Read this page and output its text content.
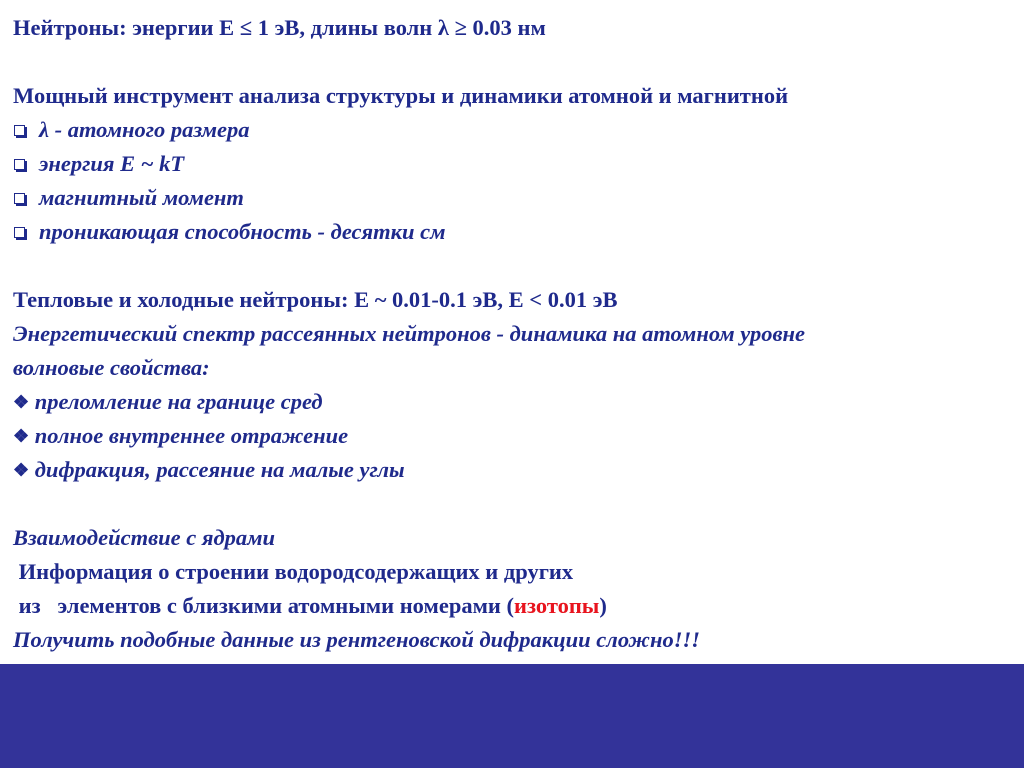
Нейтроны: энергии Е ≤ 1 эВ, длины волн λ ≥ 0.03 нм
Мощный инструмент анализа структуры и динамики атомной и магнитной
λ - атомного размера
энергия Е ~ kT
магнитный момент
проникающая способность - десятки см
Тепловые и холодные нейтроны: E ~ 0.01-0.1 эВ, E < 0.01 эВ
Энергетический спектр рассеянных нейтронов - динамика на атомном уровне
волновые свойства:
❖ преломление на границе сред
❖ полное внутреннее отражение
❖ дифракция, рассеяние на малые углы
Взаимодействие с ядрами
Информация о строении водородсодержащих и других
из   элементов с близкими атомными номерами (изотопы)
Получить подобные данные из рентгеновской дифракции сложно!!!
